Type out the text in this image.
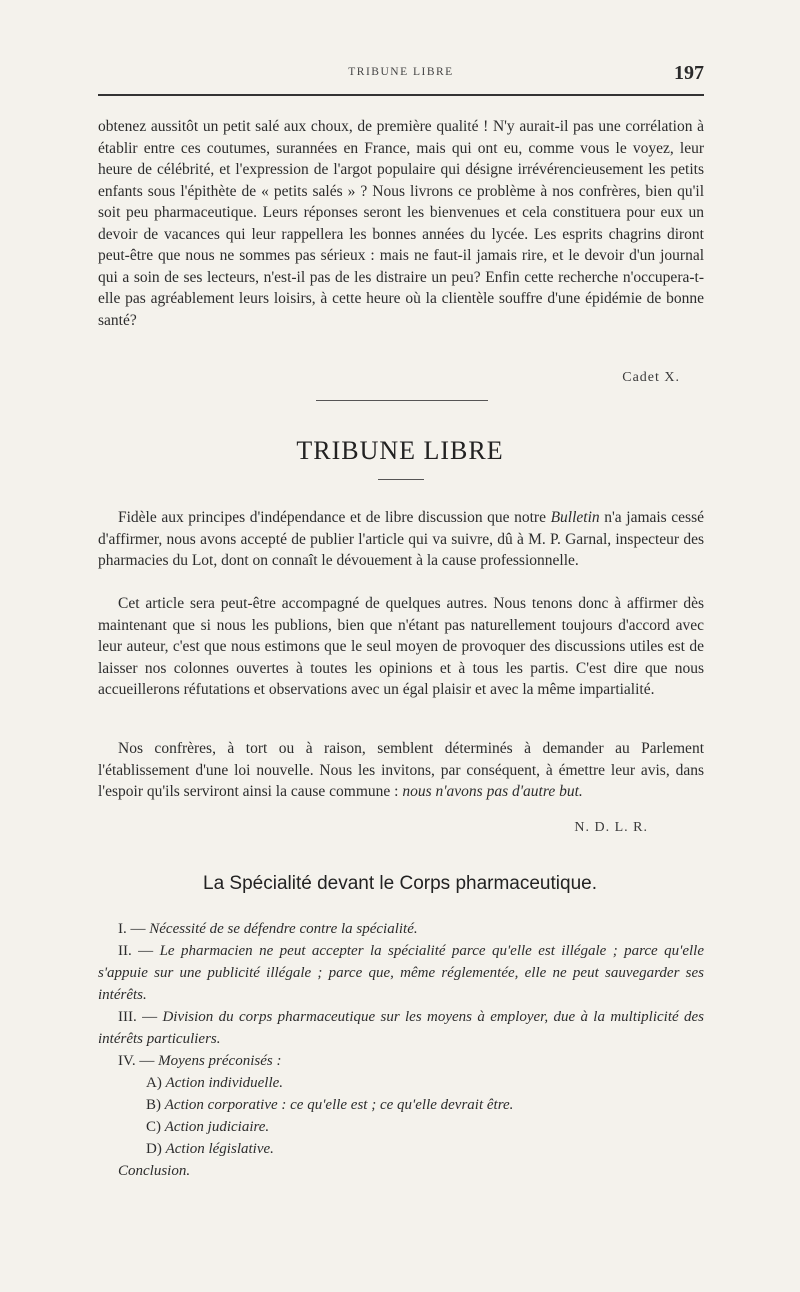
TRIBUNE LIBRE	197

obtenez aussitôt un petit salé aux choux, de première qualité ! N'y aurait-il pas une corrélation à établir entre ces coutumes, surannées en France, mais qui ont eu, comme vous le voyez, leur heure de célébrité, et l'expression de l'argot populaire qui désigne irrévérencieusement les petits enfants sous l'épithète de « petits salés » ? Nous livrons ce problème à nos confrères, bien qu'il soit peu pharmaceutique. Leurs réponses seront les bienvenues et cela constituera pour eux un devoir de vacances qui leur rappellera les bonnes années du lycée. Les esprits chagrins diront peut-être que nous ne sommes pas sérieux : mais ne faut-il jamais rire, et le devoir d'un journal qui a soin de ses lecteurs, n'est-il pas de les distraire un peu? Enfin cette recherche n'occupera-t-elle pas agréablement leurs loisirs, à cette heure où la clientèle souffre d'une épidémie de bonne santé?

Cadet X.
TRIBUNE LIBRE

Fidèle aux principes d'indépendance et de libre discussion que notre Bulletin n'a jamais cessé d'affirmer, nous avons accepté de publier l'article qui va suivre, dû à M. P. Garnal, inspecteur des pharmacies du Lot, dont on connaît le dévouement à la cause professionnelle.

Cet article sera peut-être accompagné de quelques autres. Nous tenons donc à affirmer dès maintenant que si nous les publions, bien que n'étant pas naturellement toujours d'accord avec leur auteur, c'est que nous estimons que le seul moyen de provoquer des discussions utiles est de laisser nos colonnes ouvertes à toutes les opinions et à tous les partis. C'est dire que nous accueillerons réfutations et observations avec un égal plaisir et avec la même impartialité.

Nos confrères, à tort ou à raison, semblent déterminés à demander au Parlement l'établissement d'une loi nouvelle. Nous les invitons, par conséquent, à émettre leur avis, dans l'espoir qu'ils serviront ainsi la cause commune : nous n'avons pas d'autre but.

N. D. L. R.
La Spécialité devant le Corps pharmaceutique.

I. — Nécessité de se défendre contre la spécialité.

II. — Le pharmacien ne peut accepter la spécialité parce qu'elle est illégale ; parce qu'elle s'appuie sur une publicité illégale ; parce que, même réglementée, elle ne peut sauvegarder ses intérêts.

III. — Division du corps pharmaceutique sur les moyens à employer, due à la multiplicité des intérêts particuliers.

IV. — Moyens préconisés :

A) Action individuelle.

B) Action corporative : ce qu'elle est ; ce qu'elle devrait être.

C) Action judiciaire.

D) Action législative.

Conclusion.
